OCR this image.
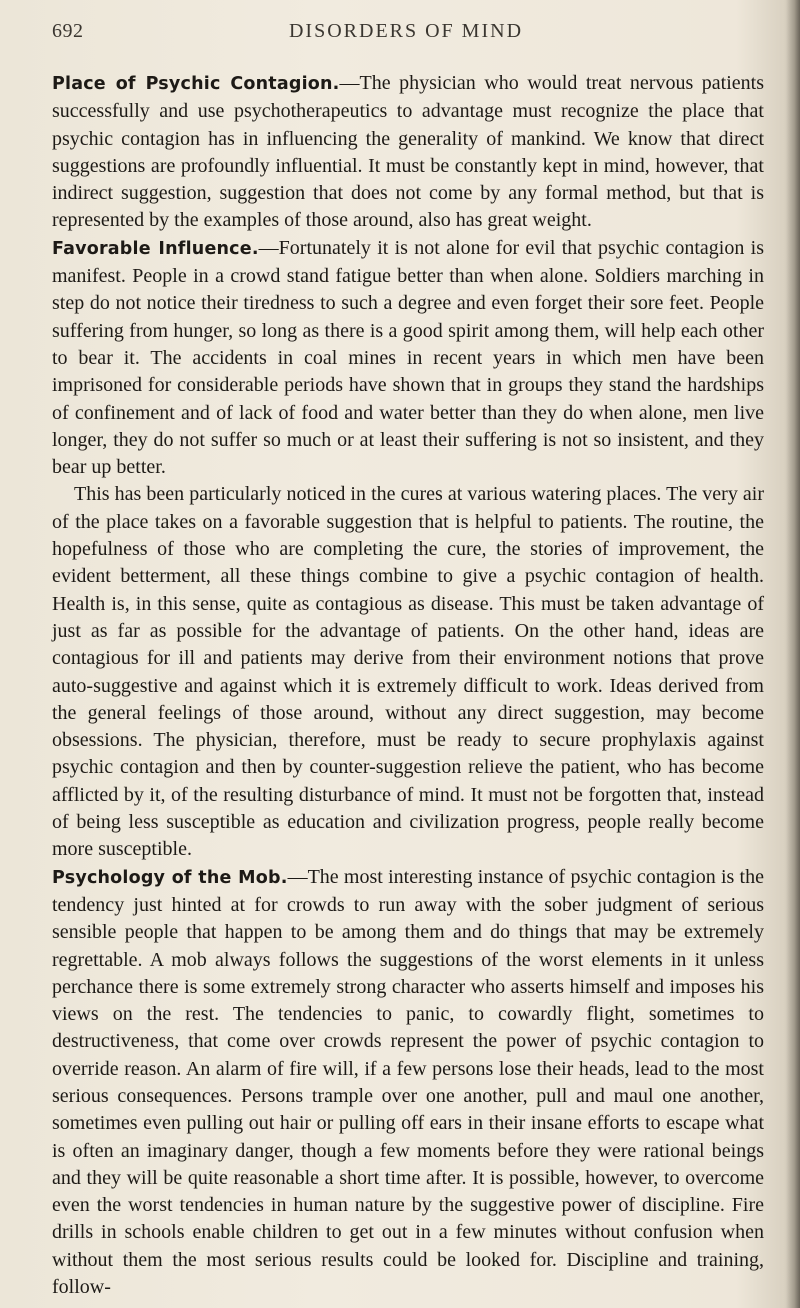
692	DISORDERS OF MIND

Place of Psychic Contagion.—The physician who would treat nervous patients successfully and use psychotherapeutics to advantage must recognize the place that psychic contagion has in influencing the generality of mankind. We know that direct suggestions are profoundly influential. It must be constantly kept in mind, however, that indirect suggestion, suggestion that does not come by any formal method, but that is represented by the examples of those around, also has great weight.

Favorable Influence.—Fortunately it is not alone for evil that psychic contagion is manifest. People in a crowd stand fatigue better than when alone. Soldiers marching in step do not notice their tiredness to such a degree and even forget their sore feet. People suffering from hunger, so long as there is a good spirit among them, will help each other to bear it. The accidents in coal mines in recent years in which men have been imprisoned for considerable periods have shown that in groups they stand the hardships of confinement and of lack of food and water better than they do when alone, men live longer, they do not suffer so much or at least their suffering is not so insistent, and they bear up better.

This has been particularly noticed in the cures at various watering places. The very air of the place takes on a favorable suggestion that is helpful to patients. The routine, the hopefulness of those who are completing the cure, the stories of improvement, the evident betterment, all these things combine to give a psychic contagion of health. Health is, in this sense, quite as contagious as disease. This must be taken advantage of just as far as possible for the advantage of patients. On the other hand, ideas are contagious for ill and patients may derive from their environment notions that prove auto-suggestive and against which it is extremely difficult to work. Ideas derived from the general feelings of those around, without any direct suggestion, may become obsessions. The physician, therefore, must be ready to secure prophylaxis against psychic contagion and then by counter-suggestion relieve the patient, who has become afflicted by it, of the resulting disturbance of mind. It must not be forgotten that, instead of being less susceptible as education and civilization progress, people really become more susceptible.

Psychology of the Mob.—The most interesting instance of psychic contagion is the tendency just hinted at for crowds to run away with the sober judgment of serious sensible people that happen to be among them and do things that may be extremely regrettable. A mob always follows the suggestions of the worst elements in it unless perchance there is some extremely strong character who asserts himself and imposes his views on the rest. The tendencies to panic, to cowardly flight, sometimes to destructiveness, that come over crowds represent the power of psychic contagion to override reason. An alarm of fire will, if a few persons lose their heads, lead to the most serious consequences. Persons trample over one another, pull and maul one another, sometimes even pulling out hair or pulling off ears in their insane efforts to escape what is often an imaginary danger, though a few moments before they were rational beings and they will be quite reasonable a short time after. It is possible, however, to overcome even the worst tendencies in human nature by the suggestive power of discipline. Fire drills in schools enable children to get out in a few minutes without confusion when without them the most serious results could be looked for. Discipline and training, follow-
